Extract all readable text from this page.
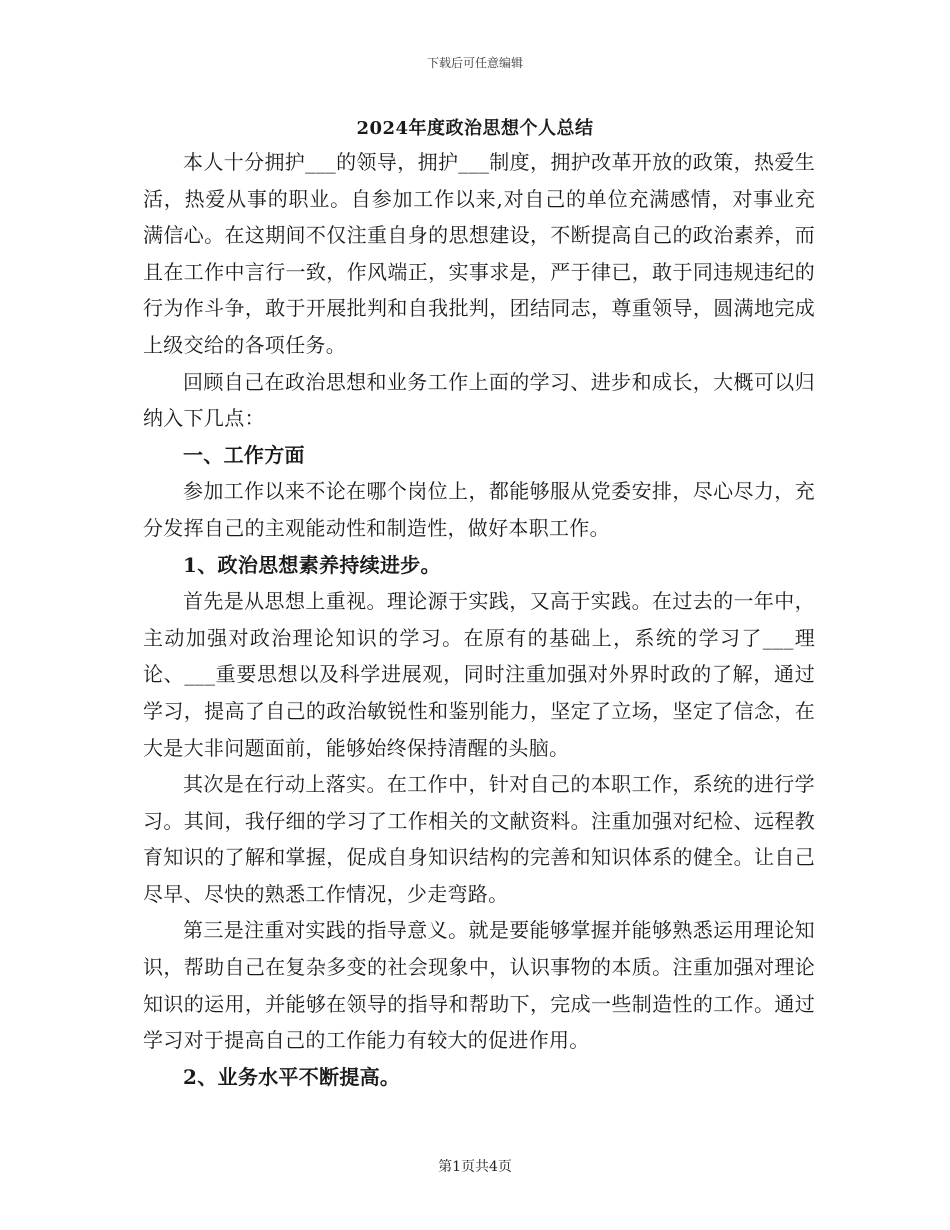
下载后可任意编辑
2024年度政治思想个人总结

本人十分拥护___的领导，拥护___制度，拥护改革开放的政策，热爱生活，热爱从事的职业。自参加工作以来,对自己的单位充满感情，对事业充满信心。在这期间不仅注重自身的思想建设，不断提高自己的政治素养，而且在工作中言行一致，作风端正，实事求是，严于律已，敢于同违规违纪的行为作斗争，敢于开展批判和自我批判，团结同志，尊重领导，圆满地完成上级交给的各项任务。

回顾自己在政治思想和业务工作上面的学习、进步和成长，大概可以归纳入下几点：

一、工作方面

参加工作以来不论在哪个岗位上，都能够服从党委安排，尽心尽力，充分发挥自己的主观能动性和制造性，做好本职工作。

1、政治思想素养持续进步。

首先是从思想上重视。理论源于实践，又高于实践。在过去的一年中，主动加强对政治理论知识的学习。在原有的基础上，系统的学习了___理论、___重要思想以及科学进展观，同时注重加强对外界时政的了解，通过学习，提高了自己的政治敏锐性和鉴别能力，坚定了立场，坚定了信念，在大是大非问题面前，能够始终保持清醒的头脑。

其次是在行动上落实。在工作中，针对自己的本职工作，系统的进行学习。其间，我仔细的学习了工作相关的文献资料。注重加强对纪检、远程教育知识的了解和掌握，促成自身知识结构的完善和知识体系的健全。让自己尽早、尽快的熟悉工作情况，少走弯路。

第三是注重对实践的指导意义。就是要能够掌握并能够熟悉运用理论知识，帮助自己在复杂多变的社会现象中，认识事物的本质。注重加强对理论知识的运用，并能够在领导的指导和帮助下，完成一些制造性的工作。通过学习对于提高自己的工作能力有较大的促进作用。

2、业务水平不断提高。

第1页共4页
